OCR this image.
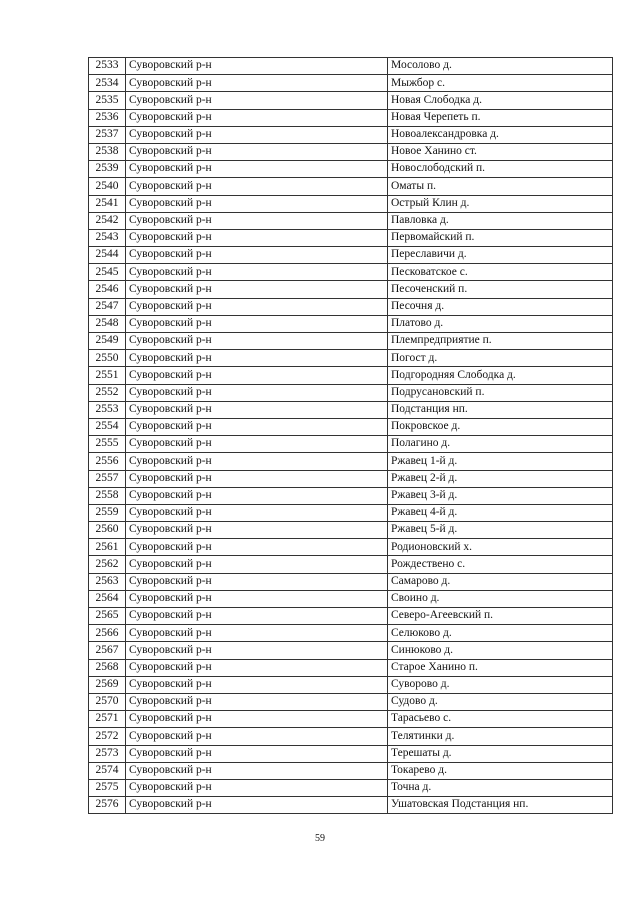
2533	Суворовский р-н	Мосолово д.
2534	Суворовский р-н	Мыжбор с.
2535	Суворовский р-н	Новая Слободка д.
2536	Суворовский р-н	Новая Черепеть п.
2537	Суворовский р-н	Новоалександровка д.
2538	Суворовский р-н	Новое Ханино ст.
2539	Суворовский р-н	Новослободский п.
2540	Суворовский р-н	Оматы п.
2541	Суворовский р-н	Острый Клин д.
2542	Суворовский р-н	Павловка д.
2543	Суворовский р-н	Первомайский п.
2544	Суворовский р-н	Переславичи д.
2545	Суворовский р-н	Песковатское с.
2546	Суворовский р-н	Песоченский п.
2547	Суворовский р-н	Песочня д.
2548	Суворовский р-н	Платово д.
2549	Суворовский р-н	Племпредприятие п.
2550	Суворовский р-н	Погост д.
2551	Суворовский р-н	Подгородняя Слободка д.
2552	Суворовский р-н	Подрусановский п.
2553	Суворовский р-н	Подстанция нп.
2554	Суворовский р-н	Покровское д.
2555	Суворовский р-н	Полагино д.
2556	Суворовский р-н	Ржавец 1-й д.
2557	Суворовский р-н	Ржавец 2-й д.
2558	Суворовский р-н	Ржавец 3-й д.
2559	Суворовский р-н	Ржавец 4-й д.
2560	Суворовский р-н	Ржавец 5-й д.
2561	Суворовский р-н	Родионовский х.
2562	Суворовский р-н	Рождествено с.
2563	Суворовский р-н	Самарово д.
2564	Суворовский р-н	Своино д.
2565	Суворовский р-н	Северо-Агеевский п.
2566	Суворовский р-н	Селюково д.
2567	Суворовский р-н	Синюково д.
2568	Суворовский р-н	Старое Ханино п.
2569	Суворовский р-н	Суворово д.
2570	Суворовский р-н	Судово д.
2571	Суворовский р-н	Тарасьево с.
2572	Суворовский р-н	Телятинки д.
2573	Суворовский р-н	Терешаты д.
2574	Суворовский р-н	Токарево д.
2575	Суворовский р-н	Точна д.
2576	Суворовский р-н	Ушатовская Подстанция нп.
59
